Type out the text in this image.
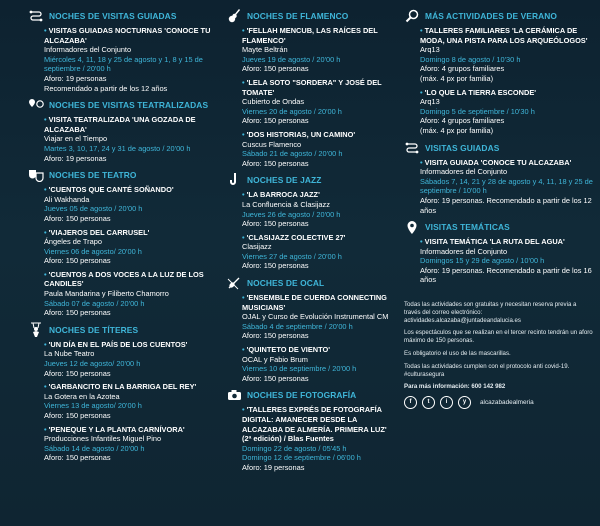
NOCHES DE VISITAS GUIADAS
• VISITAS GUIADAS NOCTURNAS 'CONOCE TU ALCAZABA'
Informadores del Conjunto
Miércoles 4, 11, 18 y 25 de agosto y 1, 8 y 15 de septiembre / 20'00 h
Aforo: 19 personas
Recomendado a partir de los 12 años
NOCHES DE VISITAS TEATRALIZADAS
• VISITA TEATRALIZADA 'UNA GOZADA DE ALCAZABA'
Viajar en el Tiempo
Martes 3, 10, 17, 24 y 31 de agosto / 20'00 h
Aforo: 19 personas
NOCHES DE TEATRO
• 'CUENTOS QUE CANTÉ SOÑANDO'
Ali Wakhanda
Jueves 05 de agosto / 20'00 h
Aforo: 150 personas
• 'VIAJEROS DEL CARRUSEL'
Ángeles de Trapo
Viernes 06 de agosto/ 20'00 h
Aforo: 150 personas
• 'CUENTOS A DOS VOCES A LA LUZ DE LOS CANDILES'
Paula Mandarina y Filiberto Chamorro
Sábado 07 de agosto / 20'00 h
Aforo: 150 personas
NOCHES DE TÍTERES
• 'UN DÍA EN EL PAÍS DE LOS CUENTOS'
La Nube Teatro
Jueves 12 de agosto/ 20'00 h
Aforo: 150 personas
• 'GARBANCITO EN LA BARRIGA DEL REY'
La Gotera en la Azotea
Viernes 13 de agosto/ 20'00 h
Aforo: 150 personas
• 'PENEQUE Y LA PLANTA CARNÍVORA'
Producciones Infantiles Miguel Pino
Sábado 14 de agosto / 20'00 h
Aforo: 150 personas
NOCHES DE FLAMENCO
• 'FELLAH MENCUB, LAS RAÍCES DEL FLAMENCO'
Mayte Beltrán
Jueves 19 de agosto / 20'00 h
Aforo: 150 personas
• 'LELA SOTO "SORDERA" Y JOSÉ DEL TOMATE'
Cubierto de Ondas
Viernes 20 de agosto / 20'00 h
Aforo: 150 personas
• 'DOS HISTORIAS, UN CAMINO'
Cuscus Flamenco
Sábado 21 de agosto / 20'00 h
Aforo: 150 personas
NOCHES DE JAZZ
• 'LA BARROCA JAZZ'
La Confluencia & Clasijazz
Jueves 26 de agosto / 20'00 h
Aforo: 150 personas
• 'CLASIJAZZ COLECTIVE 27'
Clasijazz
Viernes 27 de agosto / 20'00 h
Aforo: 150 personas
NOCHES DE OCAL
• 'ENSEMBLE DE CUERDA CONNECTING MUSICIANS'
OJAL y Curso de Evolución Instrumental CM
Sábado 4 de septiembre / 20'00 h
Aforo: 150 personas
• 'QUINTETO DE VIENTO'
OCAL y Fabio Brum
Viernes 10 de septiembre / 20'00 h
Aforo: 150 personas
NOCHES DE FOTOGRAFÍA
• 'TALLERES EXPRÉS DE FOTOGRAFÍA DIGITAL: AMANECER DESDE LA ALCAZABA DE ALMERÍA. PRIMERA LUZ' (2ª edición) / Blas Fuentes
Domingo 22 de agosto / 05'45 h
Domingo 12 de septiembre / 06'00 h
Aforo: 19 personas
MÁS ACTIVIDADES DE VERANO
• TALLERES FAMILIARES 'LA CERÁMICA DE MODA, UNA PISTA PARA LOS ARQUEÓLOGOS'
Arq13
Domingo 8 de agosto / 10'30 h
Aforo: 4 grupos familiares
(máx. 4 px por familia)
• 'LO QUE LA TIERRA ESCONDE'
Arq13
Domingo 5 de septiembre / 10'30 h
Aforo: 4 grupos familiares
(máx. 4 px por familia)
VISITAS GUIADAS
• VISITA GUIADA 'CONOCE TU ALCAZABA'
Informadores del Conjunto
Sábados 7, 14, 21 y 28 de agosto y 4, 11, 18 y 25 de septiembre / 10'00 h
Aforo: 19 personas. Recomendado a partir de los 12 años
VISITAS TEMÁTICAS
• VISITA TEMÁTICA 'LA RUTA DEL AGUA'
Informadores del Conjunto
Domingos 15 y 29 de agosto / 10'00 h
Aforo: 19 personas. Recomendado a partir de los 16 años

Todas las actividades son gratuitas y necesitan reserva previa a través del correo electrónico: actividades.alcazaba@juntadeandalucia.es

Los espectáculos que se realizan en el tercer recinto tendrán un aforo máximo de 150 personas.

Es obligatorio el uso de las mascarillas.

Todas las actividades cumplen con el protocolo anti covid-19. #culturasegura

Para más información: 600 142 982

f	t	i	y	alcazabadealmeria
